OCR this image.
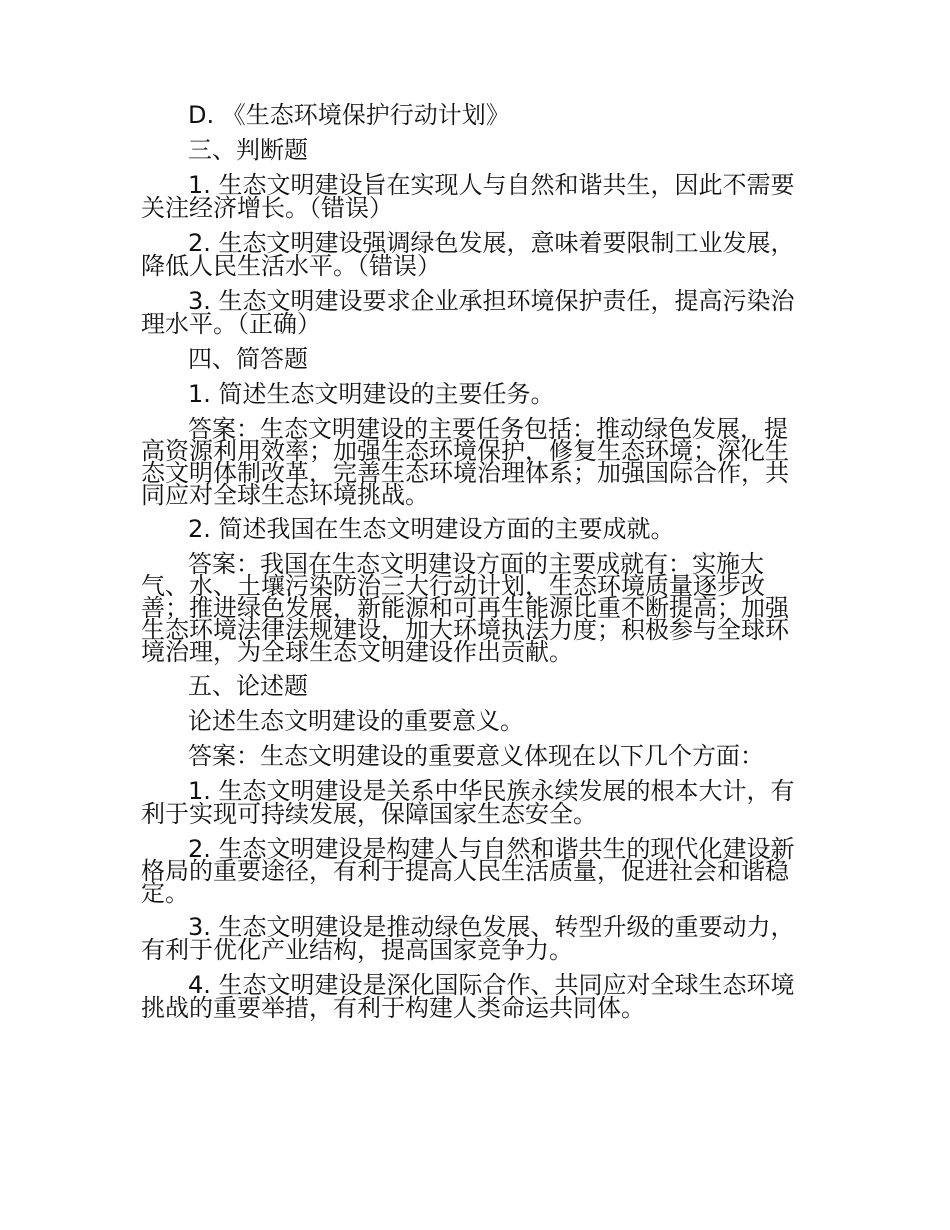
D. 《生态环境保护行动计划》

三、判断题

1. 生态文明建设旨在实现人与自然和谐共生，因此不需要关注经济增长。（错误）

2. 生态文明建设强调绿色发展，意味着要限制工业发展，降低人民生活水平。（错误）

3. 生态文明建设要求企业承担环境保护责任，提高污染治理水平。（正确）

四、简答题

1. 简述生态文明建设的主要任务。

答案：生态文明建设的主要任务包括：推动绿色发展，提高资源利用效率；加强生态环境保护，修复生态环境；深化生态文明体制改革，完善生态环境治理体系；加强国际合作，共同应对全球生态环境挑战。

2. 简述我国在生态文明建设方面的主要成就。

答案：我国在生态文明建设方面的主要成就有：实施大气、水、土壤污染防治三大行动计划，生态环境质量逐步改善；推进绿色发展，新能源和可再生能源比重不断提高；加强生态环境法律法规建设，加大环境执法力度；积极参与全球环境治理，为全球生态文明建设作出贡献。

五、论述题

论述生态文明建设的重要意义。

答案：生态文明建设的重要意义体现在以下几个方面：

1. 生态文明建设是关系中华民族永续发展的根本大计，有利于实现可持续发展，保障国家生态安全。

2. 生态文明建设是构建人与自然和谐共生的现代化建设新格局的重要途径，有利于提高人民生活质量，促进社会和谐稳定。

3. 生态文明建设是推动绿色发展、转型升级的重要动力，有利于优化产业结构，提高国家竞争力。

4. 生态文明建设是深化国际合作、共同应对全球生态环境挑战的重要举措，有利于构建人类命运共同体。
